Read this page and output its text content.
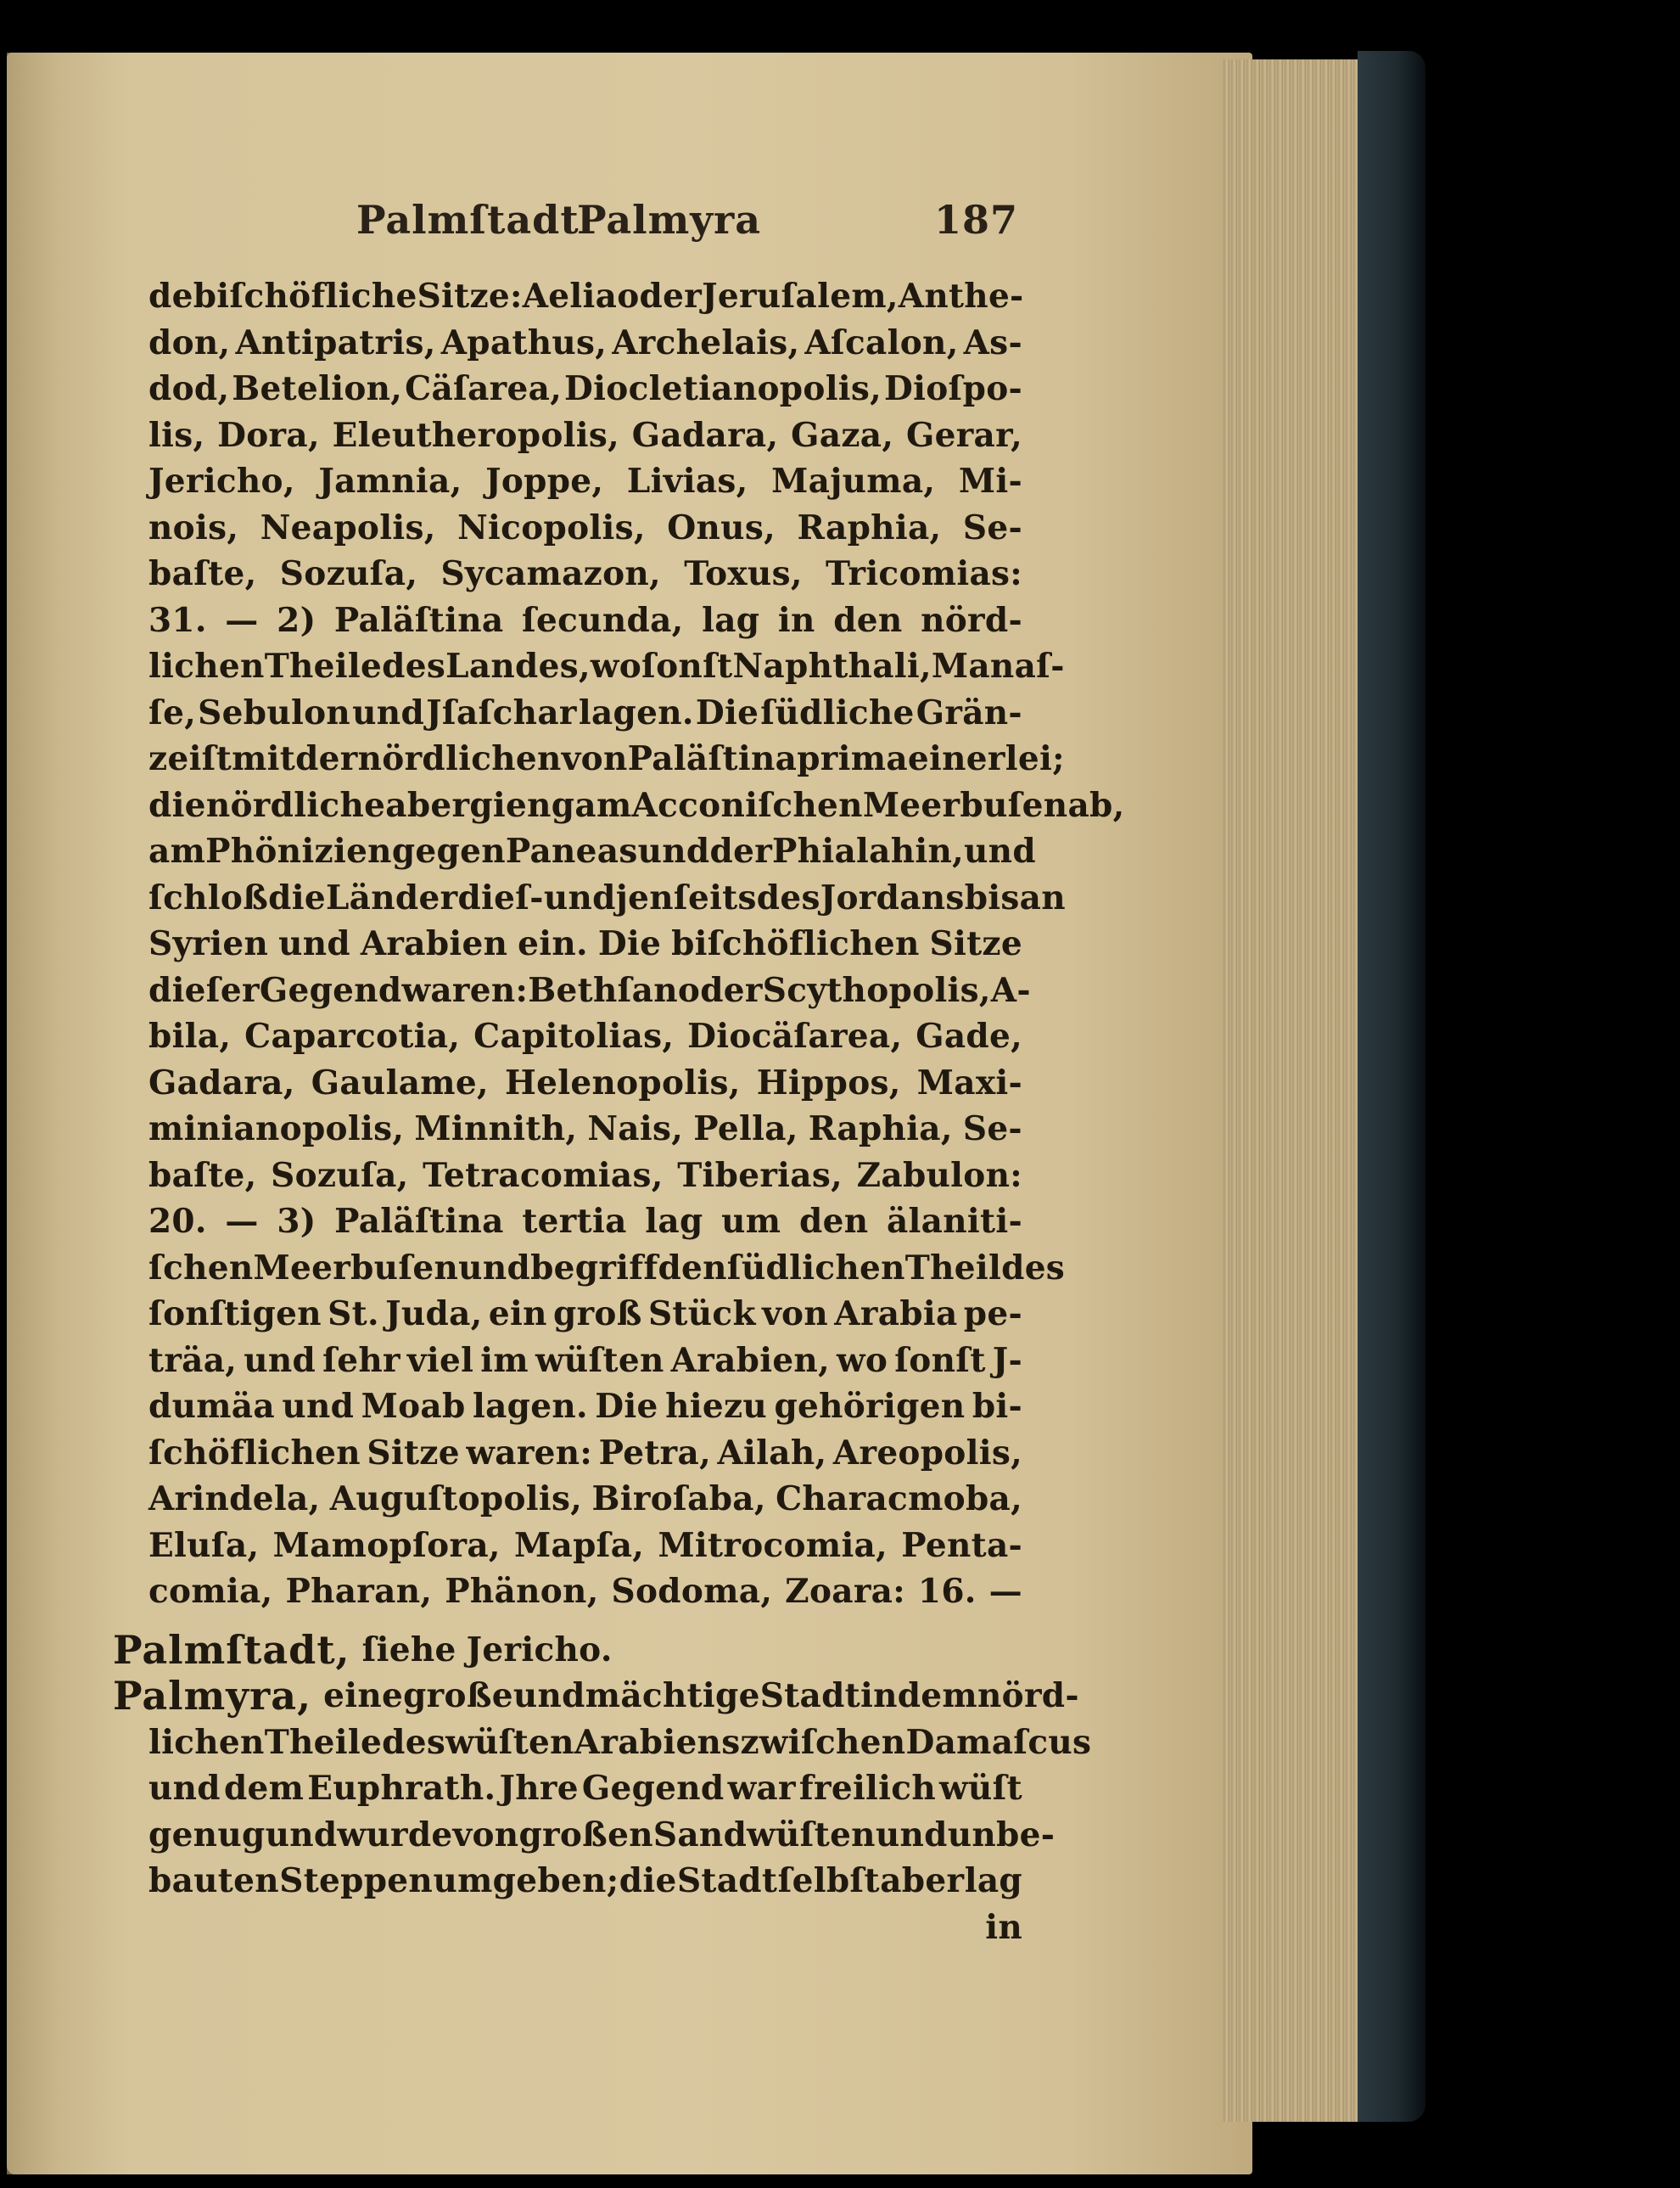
Palmſtadt
Palmyra	187
de biſchöfliche Sitze: Aelia oder Jeruſalem, Anthe-
don, Antipatris, Apathus, Archelais, Aſcalon, As-
dod, Betelion, Cäſarea, Diocletianopolis, Dioſpo-
lis, Dora, Eleutheropolis, Gadara, Gaza, Gerar,
Jericho, Jamnia, Joppe, Livias, Majuma, Mi-
nois, Neapolis, Nicopolis, Onus, Raphia, Se-
baſte, Sozuſa, Sycamazon, Toxus, Tricomias:
31. — 2) Paläſtina ſecunda, lag in den nörd-
lichen Theile des Landes, wo ſonſt Naphthali, Manaſ-
ſe, Sebulon und Jſaſchar lagen. Die ſüdliche Grän-
ze iſt mit der nördlichen von Paläſtina prima einerlei;
die nördliche aber gieng am Acconiſchen Meerbuſen ab,
am Phönizien gegen Paneas und der Phiala hin, und
ſchloß die Länder dieſ- und jenſeits des Jordans bis an
Syrien und Arabien ein. Die biſchöflichen Sitze
dieſer Gegend waren: Bethſan oder Scythopolis, A-
bila, Caparcotia, Capitolias, Diocäſarea, Gade,
Gadara, Gaulame, Helenopolis, Hippos, Maxi-
minianopolis, Minnith, Nais, Pella, Raphia, Se-
baſte, Sozuſa, Tetracomias, Tiberias, Zabulon:
20. — 3) Paläſtina tertia lag um den älaniti-
ſchen Meerbuſen und begriff den ſüdlichen Theil des
ſonſtigen St. Juda, ein groß Stück von Arabia pe-
träa, und ſehr viel im wüſten Arabien, wo ſonſt J-
dumäa und Moab lagen. Die hiezu gehörigen bi-
ſchöflichen Sitze waren: Petra, Ailah, Areopolis,
Arindela, Auguſtopolis, Biroſaba, Characmoba,
Eluſa, Mamopſora, Mapſa, Mitrocomia, Penta-
comia, Pharan, Phänon, Sodoma, Zoara: 16. —
Palmſtadt, ſiehe Jericho.
Palmyra, eine große und mächtige Stadt in dem nörd-
lichen Theile des wüſten Arabiens zwiſchen Damaſcus
und dem Euphrath. Jhre Gegend war freilich wüſt
genug und wurde von großen Sandwüſten und unbe-
bauten Steppen umgeben; die Stadt ſelbſt aber lag
in
